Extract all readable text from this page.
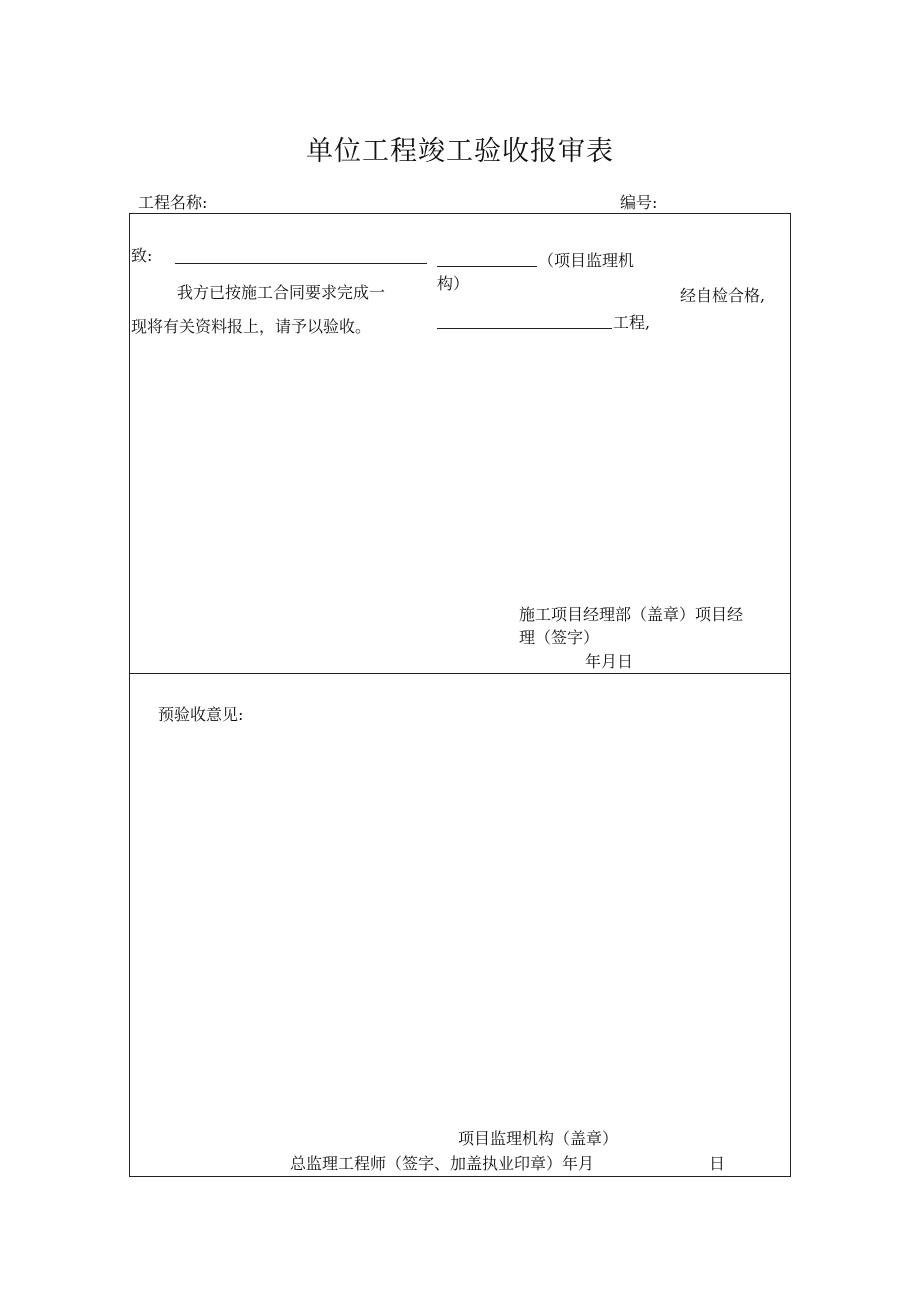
单位工程竣工验收报审表
工程名称:	编号:
致:	（项目监理机
构）
我方已按施工合同要求完成一	经自检合格,
现将有关资料报上，请予以验收。	工程,
施工项目经理部（盖章）项目经
理（签字）
年月日
预验收意见:
项目监理机构（盖章）
总监理工程师（签字、加盖执业印章）年月	日
